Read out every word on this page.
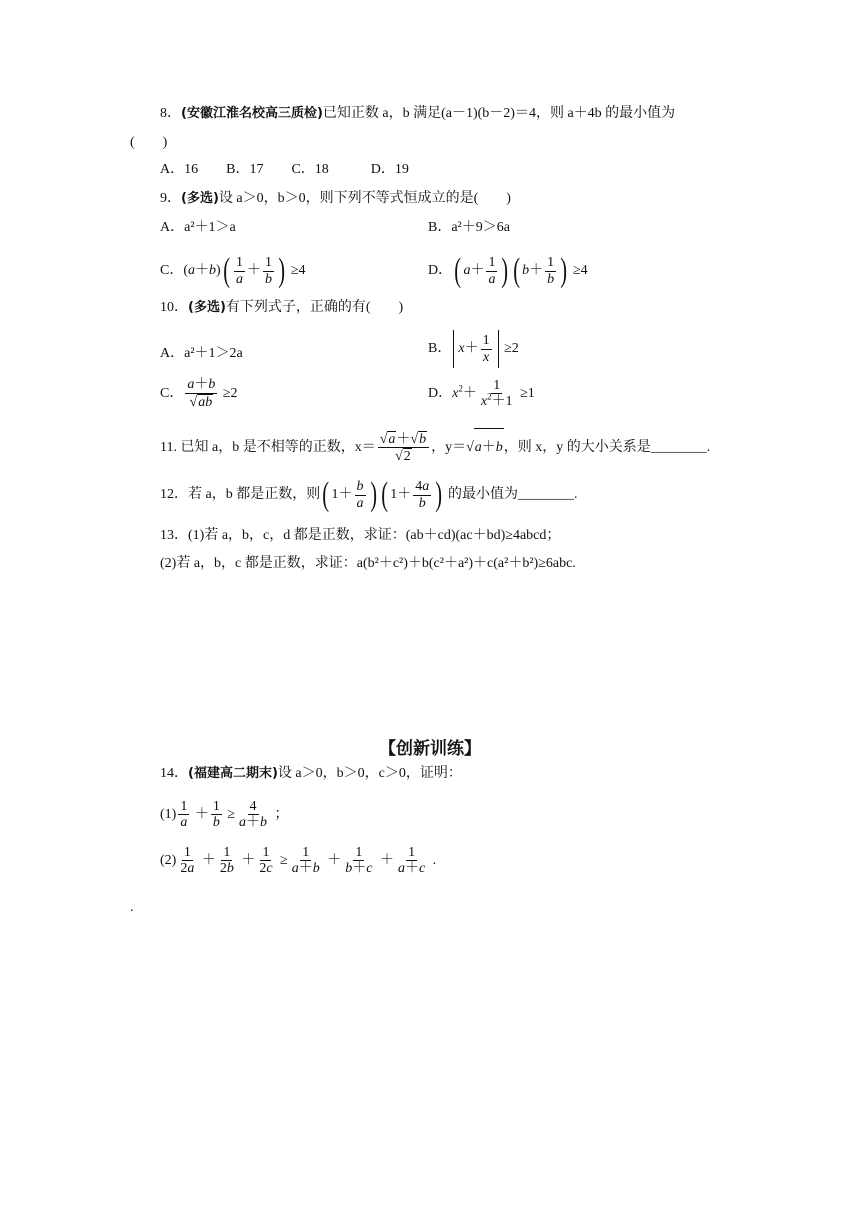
8．(安徽江淮名校高三质检)已知正数 a，b 满足(a－1)(b－2)＝4，则 a＋4b 的最小值为
(　　)
A．16　　B．17　　C．18　　　D．19
9．(多选)设 a＞0，b＞0，则下列不等式恒成立的是(　　)
A．a²＋1＞a	B．a²＋9＞6a
C．(a＋b) ( $\frac{1}{a} + \frac{1}{b}$ ) ≥4	D． ( $a + \frac{1}{a}$ ) ( $b + \frac{1}{b}$ ) ≥4
10．(多选)有下列式子，正确的有(　　)
A．a²＋1＞2a	B． $x + \frac{1}{x} \ge 2$
C． $\frac{a+b}{√ ab} \ge 2$	D．$x^2+ \frac{1}{x^2+1} \ge 1$
11. 已知 a，b 是不相等的正数，$x= \frac{√ a +√ b}{√ 2}$ ，y＝√ a＋b ，则 x，y 的大小关系是________.
12．若 a，b 都是正数，则 ( $1+ \frac{b}{a}$ ) ( $1+ \frac{4a}{b}$ ) 的最小值为________.
13．(1)若 a，b，c，d 都是正数，求证：(ab＋cd)(ac＋bd)≥4abcd；
(2)若 a，b，c 都是正数，求证：a(b²＋c²)＋b(c²＋a²)＋c(a²＋b²)≥6abc.
【创新训练】
14．(福建高二期末)设 a＞0，b＞0，c＞0，证明：
$(1) \frac{1}{a} + \frac{1}{b} \ge \frac{4}{a+b}$ ；
$(2) \frac{1}{2a} + \frac{1}{2b} + \frac{1}{2c} \ge \frac{1}{a+b} + \frac{1}{b+c} + \frac{1}{a+c}$ .
.
